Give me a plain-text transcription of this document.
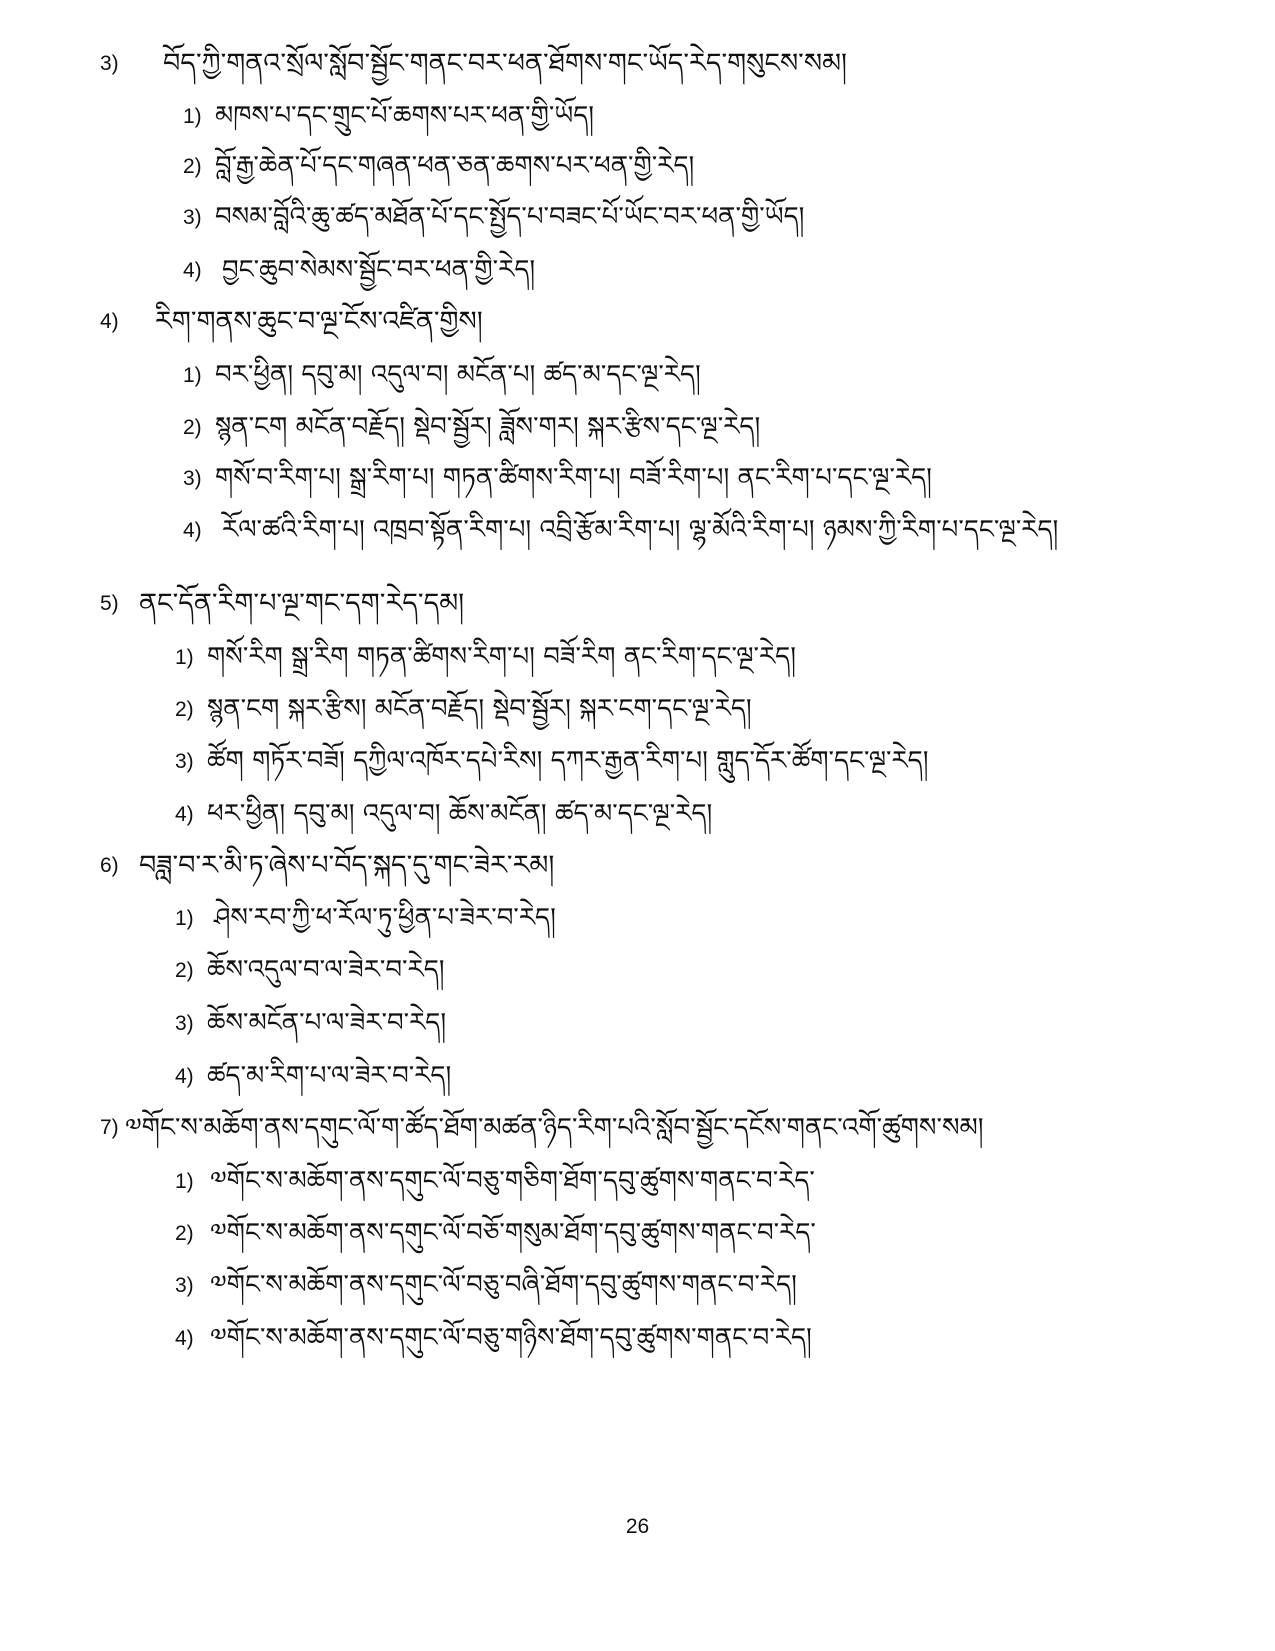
3) བོད་ཀྱི་གནའ་སྲོལ་སློབ་སྦྱོང་གནང་བར་ཕན་ཐོགས་གང་ཡོད་རེད་གསུངས་སམ།
1) མཁས་པ་དང་གྲུང་པོ་ཆགས་པར་ཕན་གྱི་ཡོད།
2) བློ་རྒྱ་ཆེན་པོ་དང་གཞན་ཕན་ཅན་ཆགས་པར་ཕན་གྱི་རེད།
3) བསམ་བློའི་ཆུ་ཚད་མཐོན་པོ་དང་སྤྱོད་པ་བཟང་པོ་ཡོང་བར་ཕན་གྱི་ཡོད།
4) བྱང་ཆུབ་སེམས་སྦྱོང་བར་ཕན་གྱི་རེད།
4) རིག་གནས་ཆུང་བ་ལྔ་ངོས་འཛིན་གྱིས།
1) བར་ཕྱིན། དབུ་མ། འདུལ་བ། མངོན་པ། ཚད་མ་དང་ལྔ་རེད།
2) སྙན་ངག མངོན་བརྗོད། སྡེབ་སྦྱོར། ཟློས་གར། སྐར་རྩིས་དང་ལྔ་རེད།
3) གསོ་བ་རིག་པ། སྒྲ་རིག་པ། གཏན་ཚིགས་རིག་པ། བཟོ་རིག་པ། ནང་རིག་པ་དང་ལྔ་རེད།
4) རོལ་ཚའི་རིག་པ། འཁྲབ་སྟོན་རིག་པ། འབྲི་རྩོམ་རིག་པ། ལྷ་མོའི་རིག་པ། ཉམས་ཀྱི་རིག་པ་དང་ལྔ་རེད།
5) ནང་དོན་རིག་པ་ལྔ་གང་དག་རེད་དམ།
1) གསོ་རིག སྒྲ་རིག གཏན་ཚིགས་རིག་པ། བཟོ་རིག ནང་རིག་དང་ལྔ་རེད།
2) སྙན་ངག སྐར་རྩིས། མངོན་བརྗོད། སྡེབ་སྦྱོར། སྐར་ངག་དང་ལྔ་རེད།
3) ཚོག གཏོར་བཟོ། དཀྱིལ་འཁོར་དཔེ་རིས། དཀར་རྒྱན་རིག་པ། གླུད་དོར་ཚོག་དང་ལྔ་རེད།
4) ཕར་ཕྱིན། དབུ་མ། འདུལ་བ། ཆོས་མངོན། ཚད་མ་དང་ལྔ་རེད།
6) བཟླ་བ་ར་མི་ཏ་ཞེས་པ་བོད་སྐད་དུ་གང་ཟེར་རམ།
1) ཤེས་རབ་ཀྱི་ཕ་རོལ་ཏུ་ཕྱིན་པ་ཟེར་བ་རེད།
2) ཆོས་འདུལ་བ་ལ་ཟེར་བ་རེད།
3) ཆོས་མངོན་པ་ལ་ཟེར་བ་རེད།
4) ཚད་མ་རིག་པ་ལ་ཟེར་བ་རེད།
7) ༧གོང་ས་མཆོག་ནས་དགུང་ལོ་ག་ཚོད་ཐོག་མཚན་ཉིད་རིག་པའི་སློབ་སྦྱོང་དངོས་གནང་འགོ་ཚུགས་སམ།
1) ༧གོང་ས་མཆོག་ནས་དགུང་ལོ་བཅུ་གཅིག་ཐོག་དབུ་ཚུགས་གནང་བ་རེད་
2) ༧གོང་ས་མཆོག་ནས་དགུང་ལོ་བཅོ་གསུམ་ཐོག་དབུ་ཚུགས་གནང་བ་རེད་
3) ༧གོང་ས་མཆོག་ནས་དགུང་ལོ་བཅུ་བཞི་ཐོག་དབུ་ཚུགས་གནང་བ་རེད།
4) ༧གོང་ས་མཆོག་ནས་དགུང་ལོ་བཅུ་གཉིས་ཐོག་དབུ་ཚུགས་གནང་བ་རེད།
26
